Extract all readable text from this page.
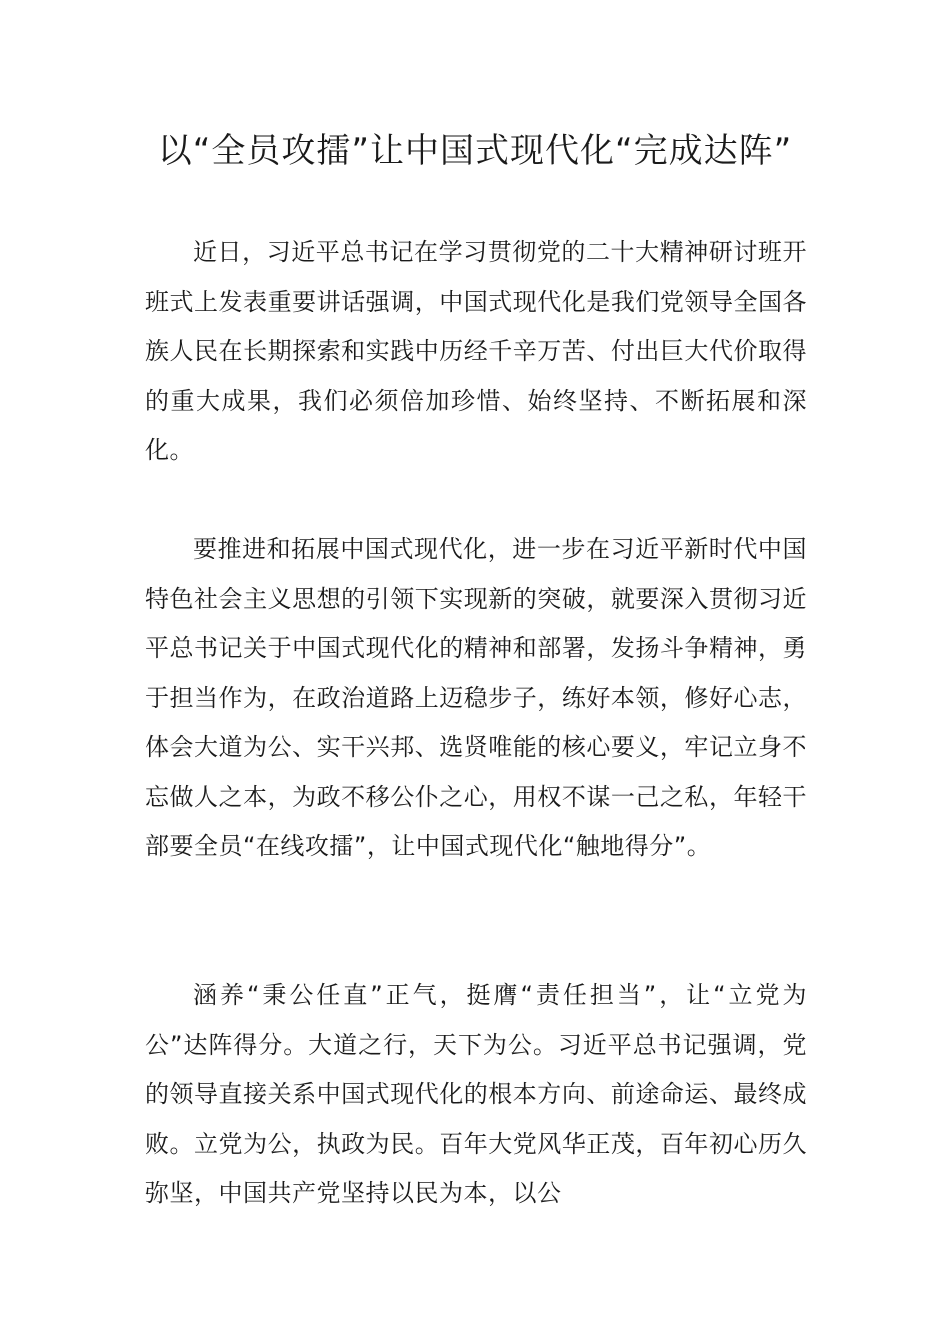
以“全员攻擂”让中国式现代化“完成达阵”

近日，习近平总书记在学习贯彻党的二十大精神研讨班开班式上发表重要讲话强调，中国式现代化是我们党领导全国各族人民在长期探索和实践中历经千辛万苦、付出巨大代价取得的重大成果，我们必须倍加珍惜、始终坚持、不断拓展和深化。

要推进和拓展中国式现代化，进一步在习近平新时代中国特色社会主义思想的引领下实现新的突破，就要深入贯彻习近平总书记关于中国式现代化的精神和部署，发扬斗争精神，勇于担当作为，在政治道路上迈稳步子，练好本领，修好心志，体会大道为公、实干兴邦、选贤唯能的核心要义，牢记立身不忘做人之本，为政不移公仆之心，用权不谋一己之私，年轻干部要全员“在线攻擂”，让中国式现代化“触地得分”。

涵养“秉公任直”正气，挺膺“责任担当”，让“立党为公”达阵得分。大道之行，天下为公。习近平总书记强调，党的领导直接关系中国式现代化的根本方向、前途命运、最终成败。立党为公，执政为民。百年大党风华正茂，百年初心历久弥坚，中国共产党坚持以民为本，以公
